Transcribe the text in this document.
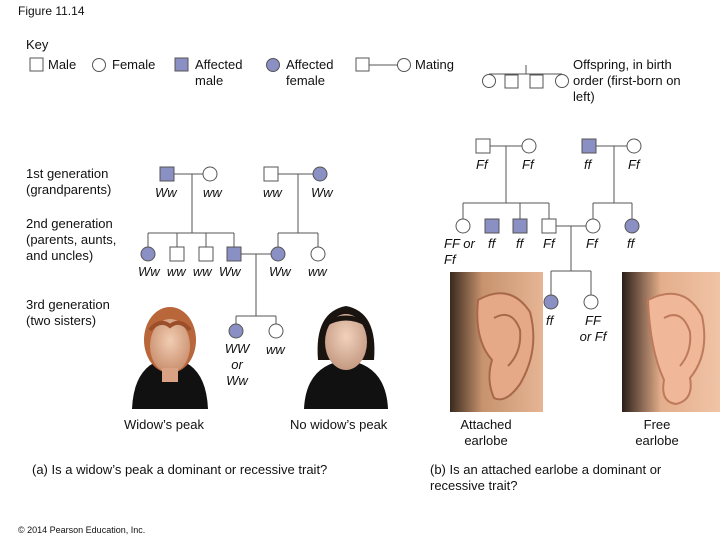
Figure 11.14
Key
Male	Female	Affected male
Affected female
Mating	Offspring, in birth order (first-born on left)
1st generation (grandparents)
2nd generation (parents, aunts, and uncles)
3rd generation (two sisters)
Ww ww	ww Ww
Ww  ww  ww  Ww Ww ww
WW or Ww
ww
Widow’s peak	No widow’s peak
(a) Is a widow’s peak a dominant or recessive trait?
Ff	Ff	ff	Ff
FF or Ff
ff ff Ff Ff ff
ff	FF or Ff
Attached earlobe
Free earlobe
(b) Is an attached earlobe a dominant or recessive trait?
© 2014 Pearson Education, Inc.
